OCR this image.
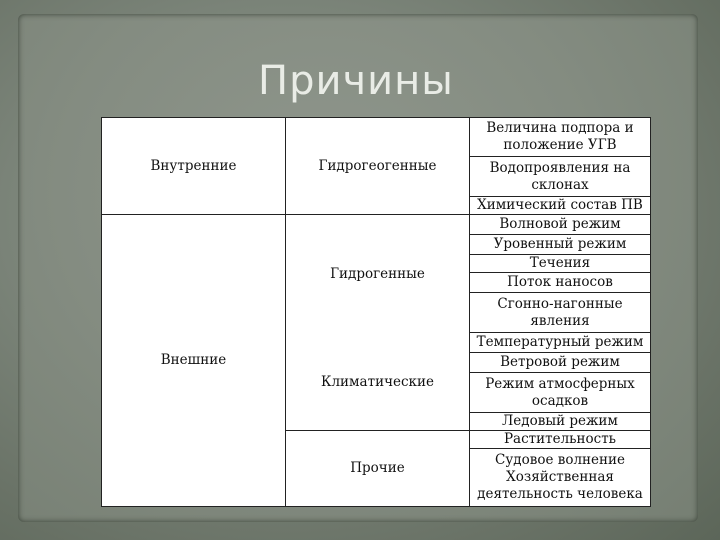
Причины
Внутренние
Внешние
Гидрогеогенные
Гидрогенные
Климатические
Прочие
Величина подпора и положение УГВ
Водопроявления на склонах
Химический состав ПВ
Волновой режим
Уровенный режим
Течения
Поток наносов
Сгонно-нагонные явления
Температурный режим
Ветровой режим
Режим атмосферных осадков
Ледовый режим
Растительность
Судовое волнение Хозяйственная деятельность человека
